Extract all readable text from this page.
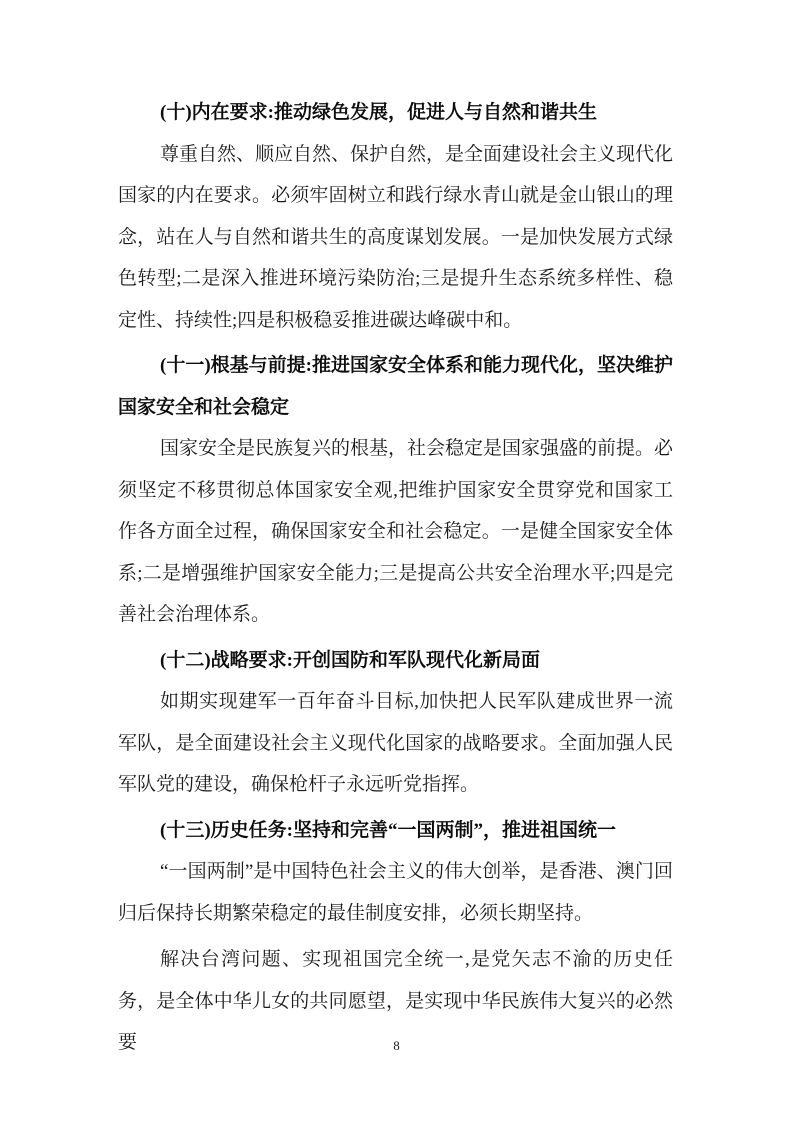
(十)内在要求:推动绿色发展，促进人与自然和谐共生

尊重自然、顺应自然、保护自然，是全面建设社会主义现代化国家的内在要求。必须牢固树立和践行绿水青山就是金山银山的理念，站在人与自然和谐共生的高度谋划发展。一是加快发展方式绿色转型;二是深入推进环境污染防治;三是提升生态系统多样性、稳定性、持续性;四是积极稳妥推进碳达峰碳中和。

(十一)根基与前提:推进国家安全体系和能力现代化，坚决维护国家安全和社会稳定

国家安全是民族复兴的根基，社会稳定是国家强盛的前提。必须坚定不移贯彻总体国家安全观,把维护国家安全贯穿党和国家工作各方面全过程，确保国家安全和社会稳定。一是健全国家安全体系;二是增强维护国家安全能力;三是提高公共安全治理水平;四是完善社会治理体系。

(十二)战略要求:开创国防和军队现代化新局面

如期实现建军一百年奋斗目标,加快把人民军队建成世界一流军队，是全面建设社会主义现代化国家的战略要求。全面加强人民军队党的建设，确保枪杆子永远听党指挥。

(十三)历史任务:坚持和完善“一国两制”，推进祖国统一

“一国两制”是中国特色社会主义的伟大创举，是香港、澳门回归后保持长期繁荣稳定的最佳制度安排，必须长期坚持。

解决台湾问题、实现祖国完全统一,是党矢志不渝的历史任务，是全体中华儿女的共同愿望，是实现中华民族伟大复兴的必然要	8
